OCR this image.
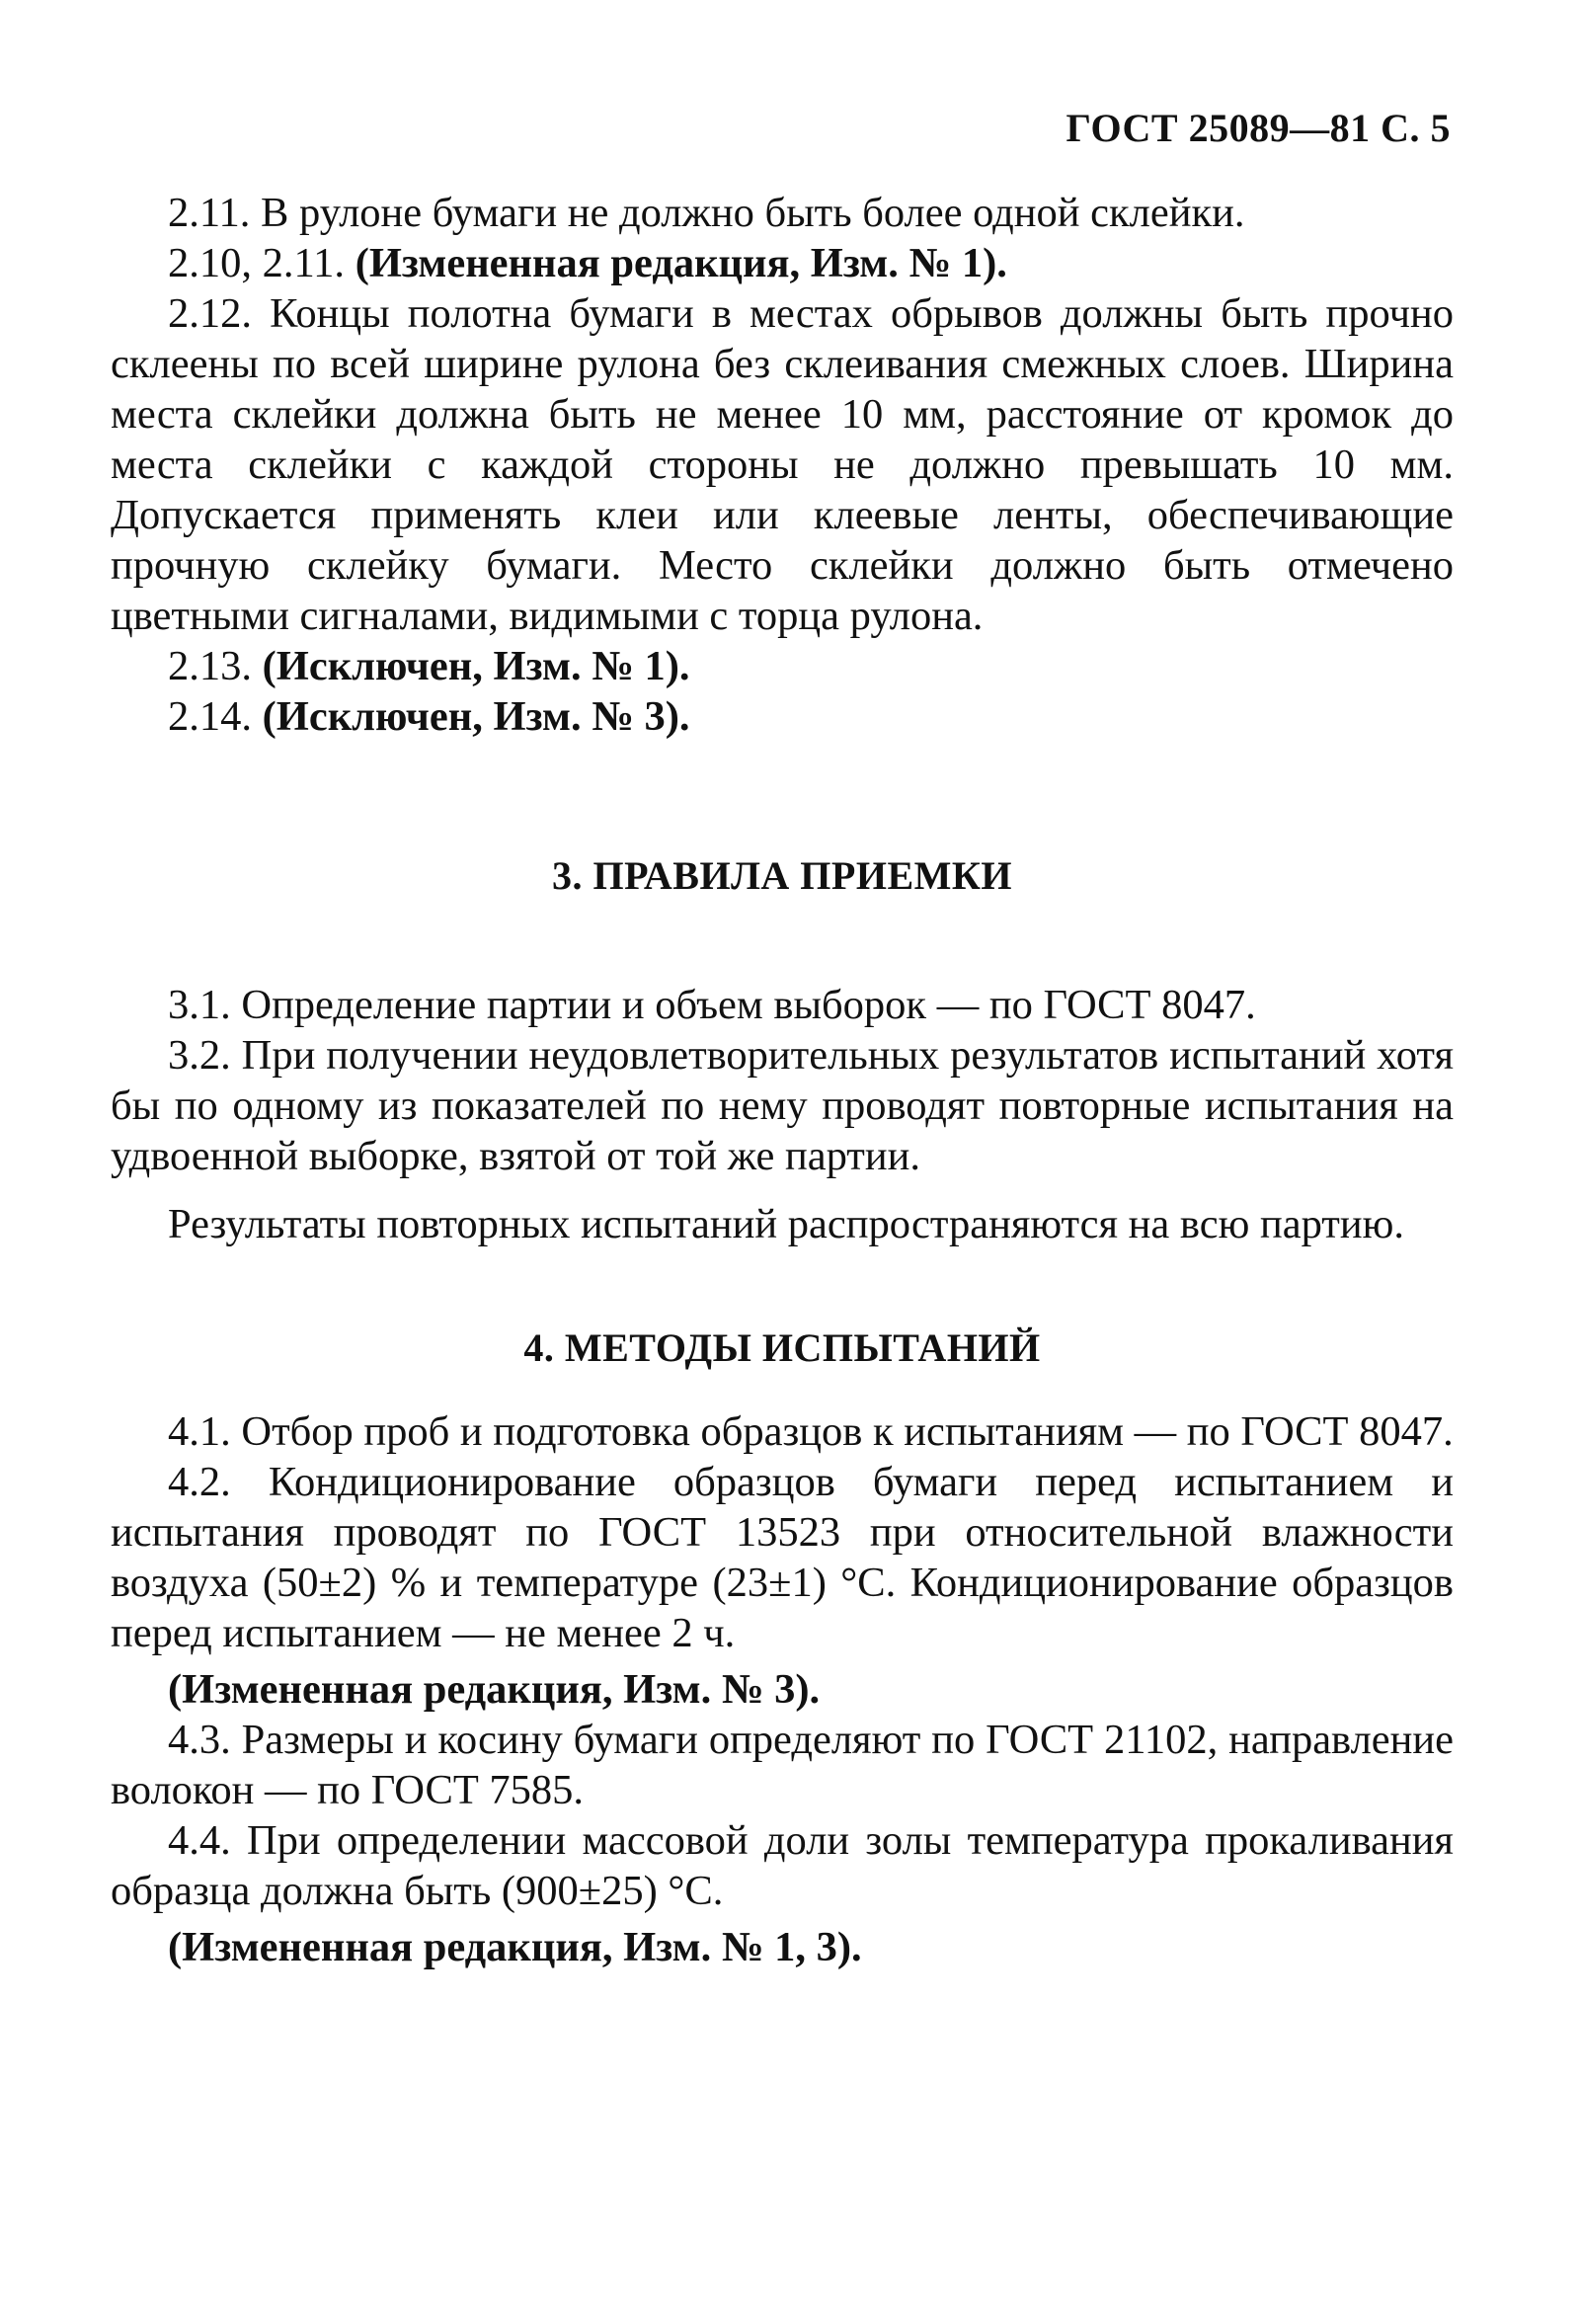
ГОСТ 25089—81 С. 5

2.11. В рулоне бумаги не должно быть более одной склейки.

2.10, 2.11. (Измененная редакция, Изм. № 1).

2.12. Концы полотна бумаги в местах обрывов должны быть прочно склеены по всей ширине рулона без склеивания смежных слоев. Ширина места склейки должна быть не менее 10 мм, расстояние от кромок до места склейки с каждой стороны не должно превышать 10 мм. Допускается применять клеи или клеевые ленты, обеспечивающие прочную склейку бумаги. Место склейки должно быть отмечено цветными сигналами, видимыми с торца рулона.

2.13. (Исключен, Изм. № 1).

2.14. (Исключен, Изм. № 3).

3. ПРАВИЛА ПРИЕМКИ

3.1. Определение партии и объем выборок — по ГОСТ 8047.

3.2. При получении неудовлетворительных результатов испытаний хотя бы по одному из показателей по нему проводят повторные испытания на удвоенной выборке, взятой от той же партии.

Результаты повторных испытаний распространяются на всю партию.

4. МЕТОДЫ ИСПЫТАНИЙ

4.1. Отбор проб и подготовка образцов к испытаниям — по ГОСТ 8047.

4.2. Кондиционирование образцов бумаги перед испытанием и испытания проводят по ГОСТ 13523 при относительной влажности воздуха (50±2) % и температуре (23±1) °С. Кондиционирование образцов перед испытанием — не менее 2 ч.

(Измененная редакция, Изм. № 3).

4.3. Размеры и косину бумаги определяют по ГОСТ 21102, направление волокон — по ГОСТ 7585.

4.4. При определении массовой доли золы температура прокаливания образца должна быть (900±25) °С.

(Измененная редакция, Изм. № 1, 3).
